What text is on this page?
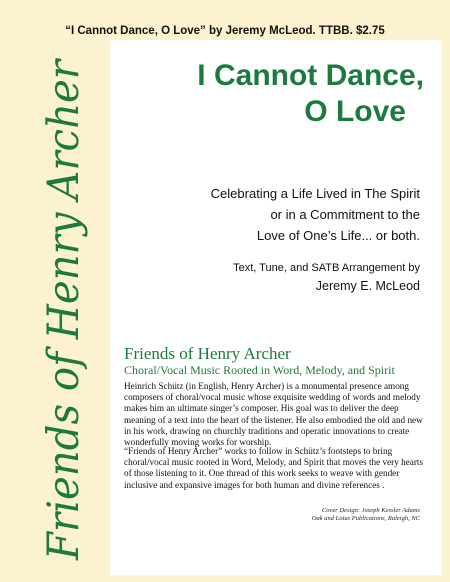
“I Cannot Dance, O Love” by Jeremy McLeod. TTBB. $2.75
Friends of Henry Archer	I Cannot Dance,
O Love
Celebrating a Life Lived in The Spirit
or in a Commitment to the
Love of One’s Life... or both.
Text, Tune, and SATB Arrangement by
Jeremy E. McLeod
Friends of Henry Archer
Choral/Vocal Music Rooted in Word, Melody, and Spirit

Heinrich Schütz (in English, Henry Archer) is a monumental presence among composers of choral/vocal music whose exquisite wedding of words and melody makes him an ultimate singer’s composer. His goal was to deliver the deep meaning of a text into the heart of the listener. He also embodied the old and new in his work, drawing on churchly traditions and operatic innovations to create wonderfully moving works for worship.

“Friends of Henry Archer” works to follow in Schütz’s footsteps to bring choral/vocal music rooted in Word, Melody, and Spirit that moves the very hearts of those listening to it. One thread of this work seeks to weave with gender inclusive and expansive images for both human and divine references .

Cover Design: Joseph Kessler Adams
Oak and Lotus Publications, Raleigh, NC
